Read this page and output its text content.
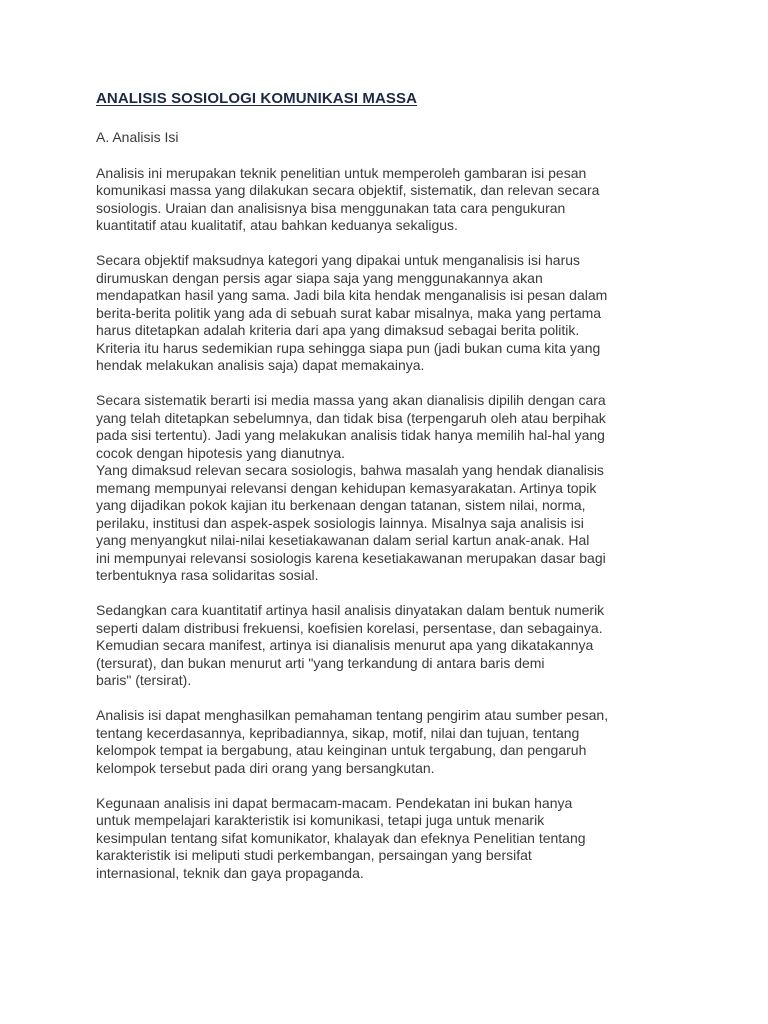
ANALISIS SOSIOLOGI KOMUNIKASI MASSA
A. Analisis Isi
Analisis ini merupakan teknik penelitian untuk memperoleh gambaran isi pesan
komunikasi massa yang dilakukan secara objektif, sistematik, dan relevan secara
sosiologis. Uraian dan analisisnya bisa menggunakan tata cara pengukuran
kuantitatif atau kualitatif, atau bahkan keduanya sekaligus.
Secara objektif maksudnya kategori yang dipakai untuk menganalisis isi harus
dirumuskan dengan persis agar siapa saja yang menggunakannya akan
mendapatkan hasil yang sama. Jadi bila kita hendak menganalisis isi pesan dalam
berita-berita politik yang ada di sebuah surat kabar misalnya, maka yang pertama
harus ditetapkan adalah kriteria dari apa yang dimaksud sebagai berita politik.
Kriteria itu harus sedemikian rupa sehingga siapa pun (jadi bukan cuma kita yang
hendak melakukan analisis saja) dapat memakainya.
Secara sistematik berarti isi media massa yang akan dianalisis dipilih dengan cara
yang telah ditetapkan sebelumnya, dan tidak bisa (terpengaruh oleh atau berpihak
pada sisi tertentu). Jadi yang melakukan analisis tidak hanya memilih hal-hal yang
cocok dengan hipotesis yang dianutnya.
Yang dimaksud relevan secara sosiologis, bahwa masalah yang hendak dianalisis
memang mempunyai relevansi dengan kehidupan kemasyarakatan. Artinya topik
yang dijadikan pokok kajian itu berkenaan dengan tatanan, sistem nilai, norma,
perilaku, institusi dan aspek-aspek sosiologis lainnya. Misalnya saja analisis isi
yang menyangkut nilai-nilai kesetiakawanan dalam serial kartun anak-anak. Hal
ini mempunyai relevansi sosiologis karena kesetiakawanan merupakan dasar bagi
terbentuknya rasa solidaritas sosial.
Sedangkan cara kuantitatif artinya hasil analisis dinyatakan dalam bentuk numerik
seperti dalam distribusi frekuensi, koefisien korelasi, persentase, dan sebagainya.
Kemudian secara manifest, artinya isi dianalisis menurut apa yang dikatakannya
(tersurat), dan bukan menurut arti "yang terkandung di antara baris demi
baris" (tersirat).
Analisis isi dapat menghasilkan pemahaman tentang pengirim atau sumber pesan,
tentang kecerdasannya, kepribadiannya, sikap, motif, nilai dan tujuan, tentang
kelompok tempat ia bergabung, atau keinginan untuk tergabung, dan pengaruh
kelompok tersebut pada diri orang yang bersangkutan.
Kegunaan analisis ini dapat bermacam-macam. Pendekatan ini bukan hanya
untuk mempelajari karakteristik isi komunikasi, tetapi juga untuk menarik
kesimpulan tentang sifat komunikator, khalayak dan efeknya Penelitian tentang
karakteristik isi meliputi studi perkembangan, persaingan yang bersifat
internasional, teknik dan gaya propaganda.
